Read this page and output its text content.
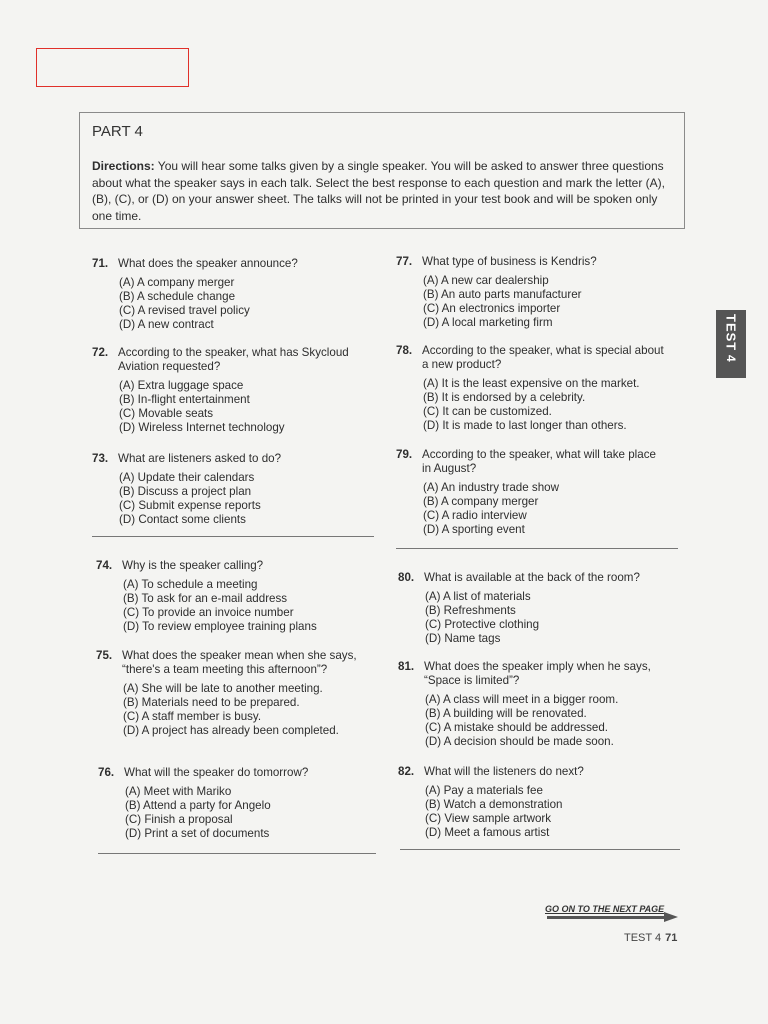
PART 4

Directions: You will hear some talks given by a single speaker. You will be asked to answer three questions about what the speaker says in each talk. Select the best response to each question and mark the letter (A), (B), (C), or (D) on your answer sheet. The talks will not be printed in your test book and will be spoken only one time.

TEST
4
71. What does the speaker announce?
(A) A company merger
(B) A schedule change
(C) A revised travel policy
(D) A new contract
72. According to the speaker, what has Skycloud Aviation requested?
(A) Extra luggage space
(B) In-flight entertainment
(C) Movable seats
(D) Wireless Internet technology
73. What are listeners asked to do?
(A) Update their calendars
(B) Discuss a project plan
(C) Submit expense reports
(D) Contact some clients
74. Why is the speaker calling?
(A) To schedule a meeting
(B) To ask for an e-mail address
(C) To provide an invoice number
(D) To review employee training plans
75. What does the speaker mean when she says, “there's a team meeting this afternoon”?
(A) She will be late to another meeting.
(B) Materials need to be prepared.
(C) A staff member is busy.
(D) A project has already been completed.
76. What will the speaker do tomorrow?
(A) Meet with Mariko
(B) Attend a party for Angelo
(C) Finish a proposal
(D) Print a set of documents
77. What type of business is Kendris?
(A) A new car dealership
(B) An auto parts manufacturer
(C) An electronics importer
(D) A local marketing firm
78. According to the speaker, what is special about a new product?
(A) It is the least expensive on the market.
(B) It is endorsed by a celebrity.
(C) It can be customized.
(D) It is made to last longer than others.
79. According to the speaker, what will take place in August?
(A) An industry trade show
(B) A company merger
(C) A radio interview
(D) A sporting event
80. What is available at the back of the room?
(A) A list of materials
(B) Refreshments
(C) Protective clothing
(D) Name tags
81. What does the speaker imply when he says, “Space is limited”?
(A) A class will meet in a bigger room.
(B) A building will be renovated.
(C) A mistake should be addressed.
(D) A decision should be made soon.
82. What will the listeners do next?
(A) Pay a materials fee
(B) Watch a demonstration
(C) View sample artwork
(D) Meet a famous artist
GO ON TO THE NEXT PAGE
TEST 4 71
